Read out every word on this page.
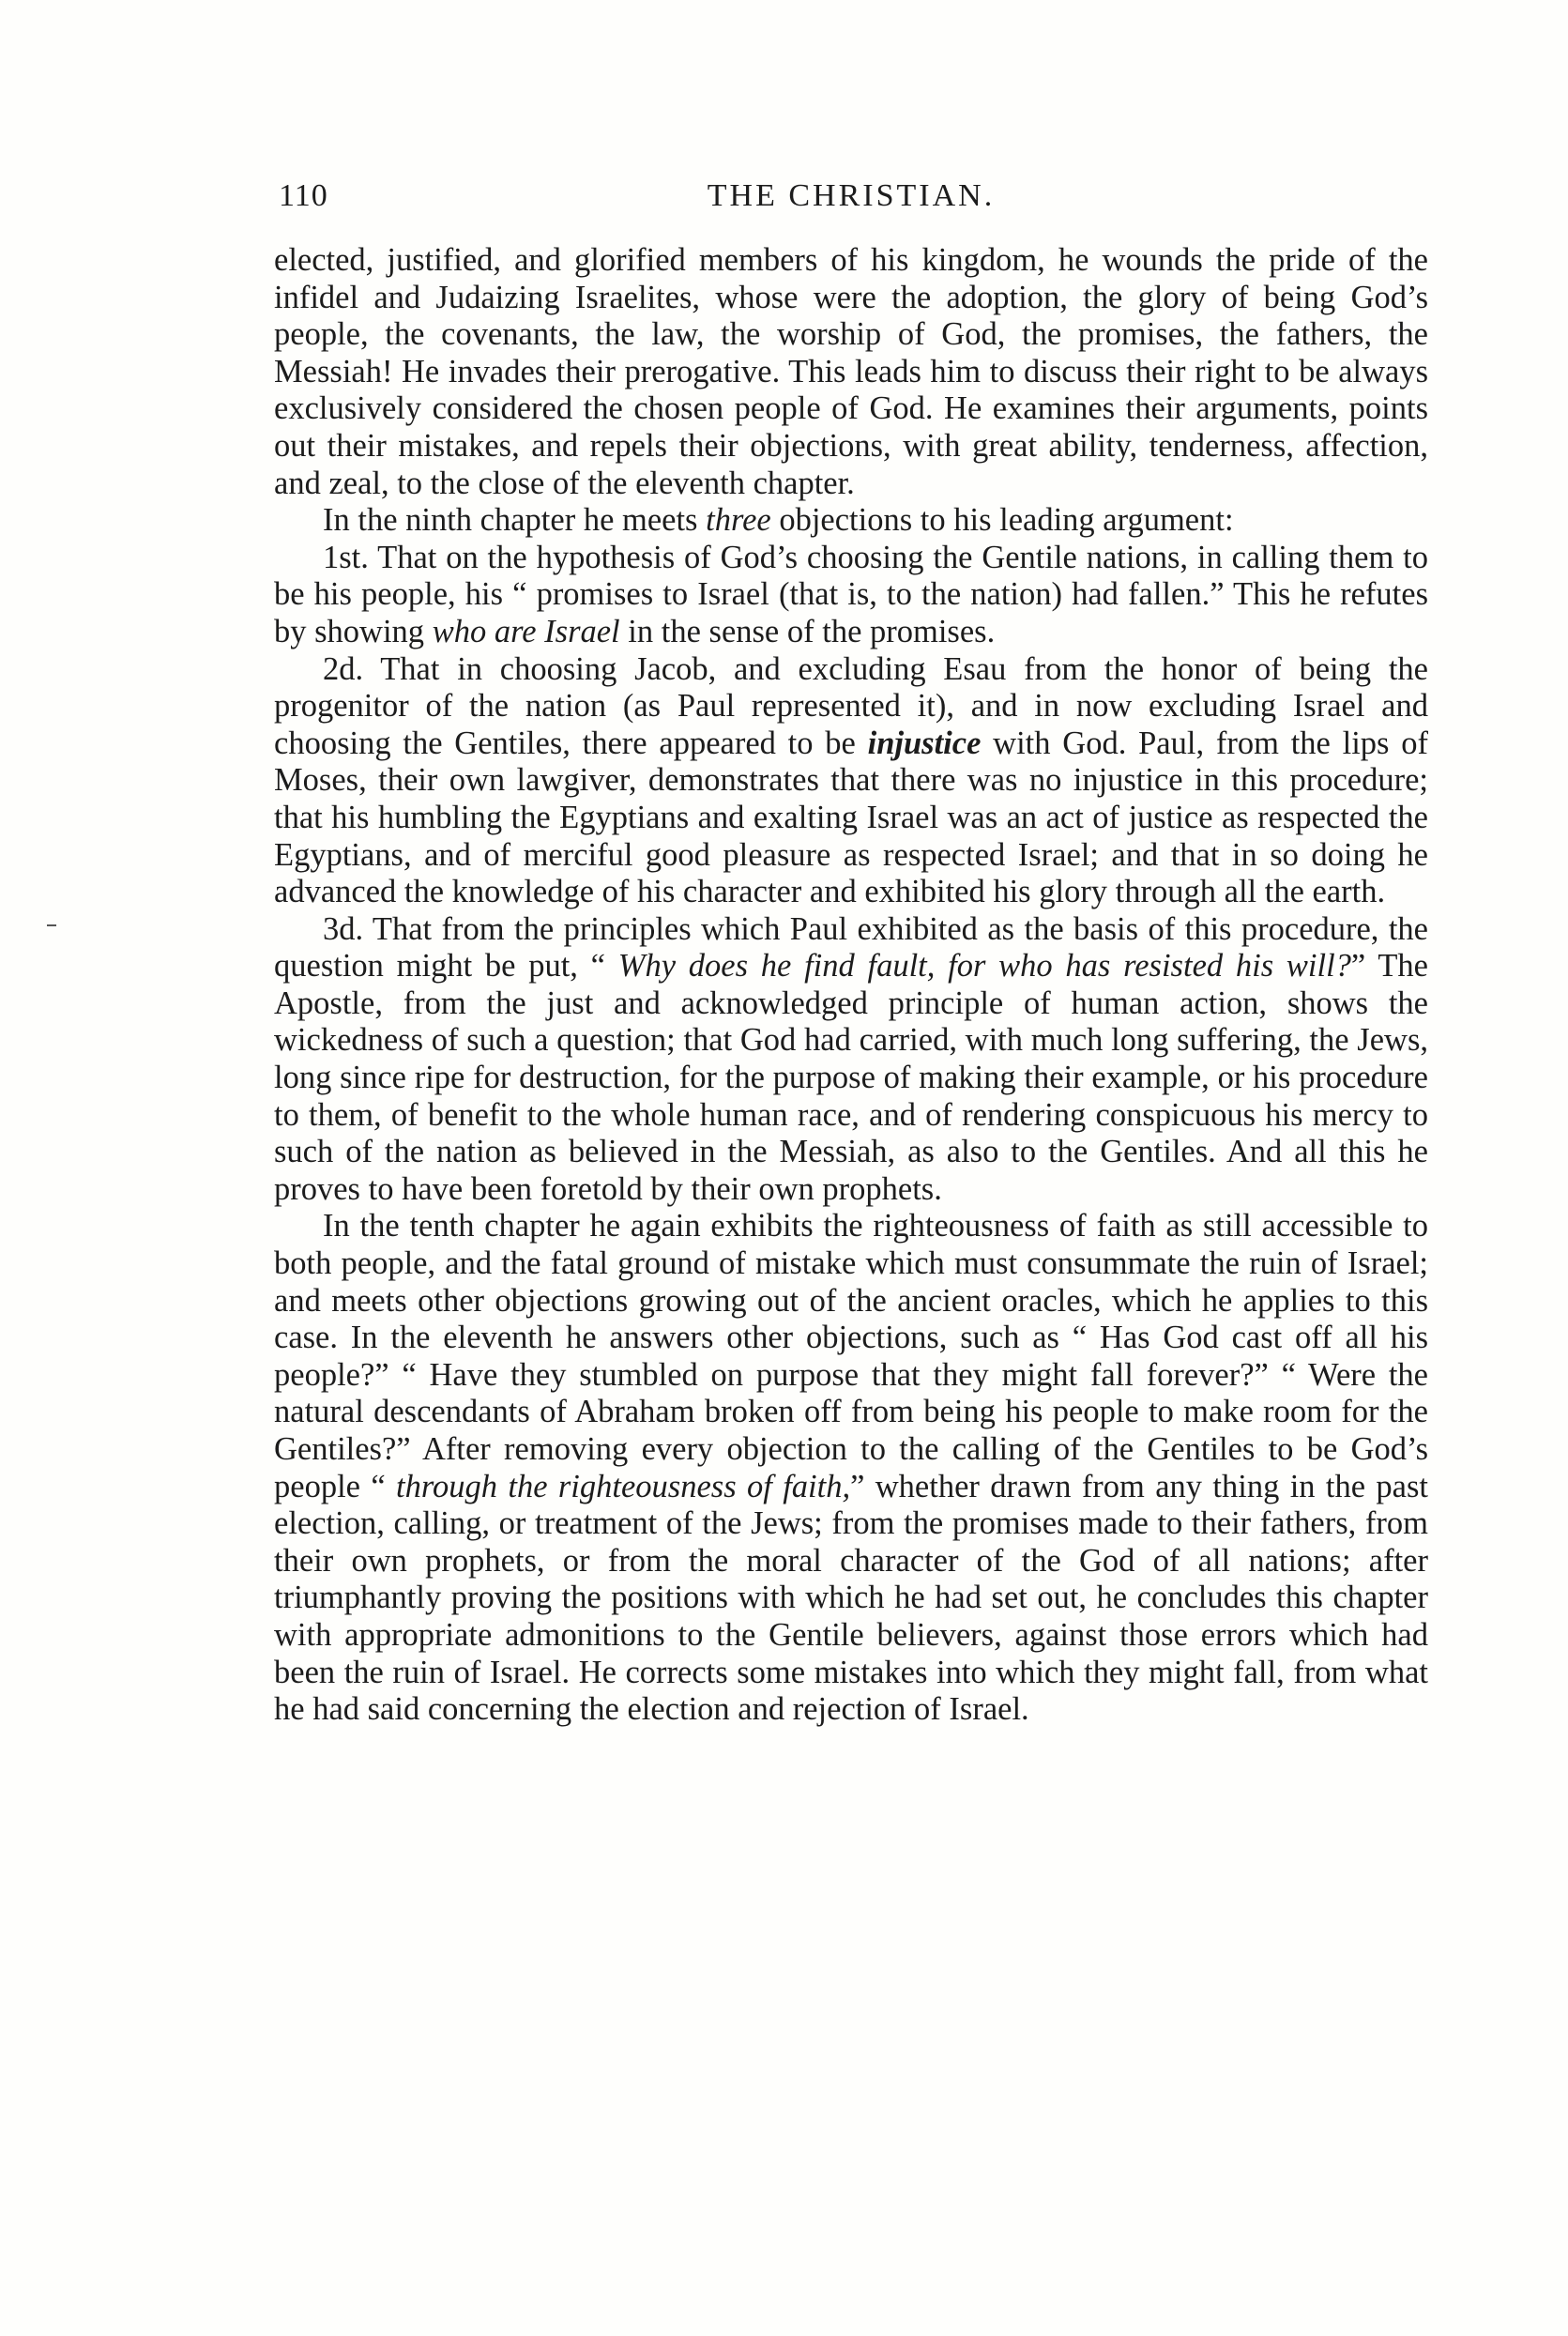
110	THE CHRISTIAN.

elected, justified, and glorified members of his kingdom, he wounds the pride of the infidel and Judaizing Israelites, whose were the adoption, the glory of being God’s people, the covenants, the law, the worship of God, the promises, the fathers, the Messiah! He invades their prerogative. This leads him to discuss their right to be always exclusively considered the chosen people of God. He examines their arguments, points out their mistakes, and repels their objections, with great ability, tenderness, affection, and zeal, to the close of the eleventh chapter.

In the ninth chapter he meets three objections to his leading argument:

1st. That on the hypothesis of God’s choosing the Gentile nations, in calling them to be his people, his “ promises to Israel (that is, to the nation) had fallen.” This he refutes by showing who are Israel in the sense of the promises.

2d. That in choosing Jacob, and excluding Esau from the honor of being the progenitor of the nation (as Paul represented it), and in now excluding Israel and choosing the Gentiles, there appeared to be injustice with God. Paul, from the lips of Moses, their own lawgiver, demonstrates that there was no injustice in this procedure; that his humbling the Egyptians and exalting Israel was an act of justice as respected the Egyptians, and of merciful good pleasure as respected Israel; and that in so doing he advanced the knowledge of his character and exhibited his glory through all the earth.

3d. That from the principles which Paul exhibited as the basis of this procedure, the question might be put, “ Why does he find fault, for who has resisted his will?” The Apostle, from the just and acknowledged principle of human action, shows the wickedness of such a question; that God had carried, with much long suffering, the Jews, long since ripe for destruction, for the purpose of making their example, or his procedure to them, of benefit to the whole human race, and of rendering conspicuous his mercy to such of the nation as believed in the Messiah, as also to the Gentiles. And all this he proves to have been foretold by their own prophets.

In the tenth chapter he again exhibits the righteousness of faith as still accessible to both people, and the fatal ground of mistake which must consummate the ruin of Israel; and meets other objections growing out of the ancient oracles, which he applies to this case. In the eleventh he answers other objections, such as “ Has God cast off all his people?” “ Have they stumbled on purpose that they might fall forever?” “ Were the natural descendants of Abraham broken off from being his people to make room for the Gentiles?” After removing every objection to the calling of the Gentiles to be God’s people “ through the righteousness of faith,” whether drawn from any thing in the past election, calling, or treatment of the Jews; from the promises made to their fathers, from their own prophets, or from the moral character of the God of all nations; after triumphantly proving the positions with which he had set out, he concludes this chapter with appropriate admonitions to the Gentile believers, against those errors which had been the ruin of Israel. He corrects some mistakes into which they might fall, from what he had said concerning the election and rejection of Israel.
